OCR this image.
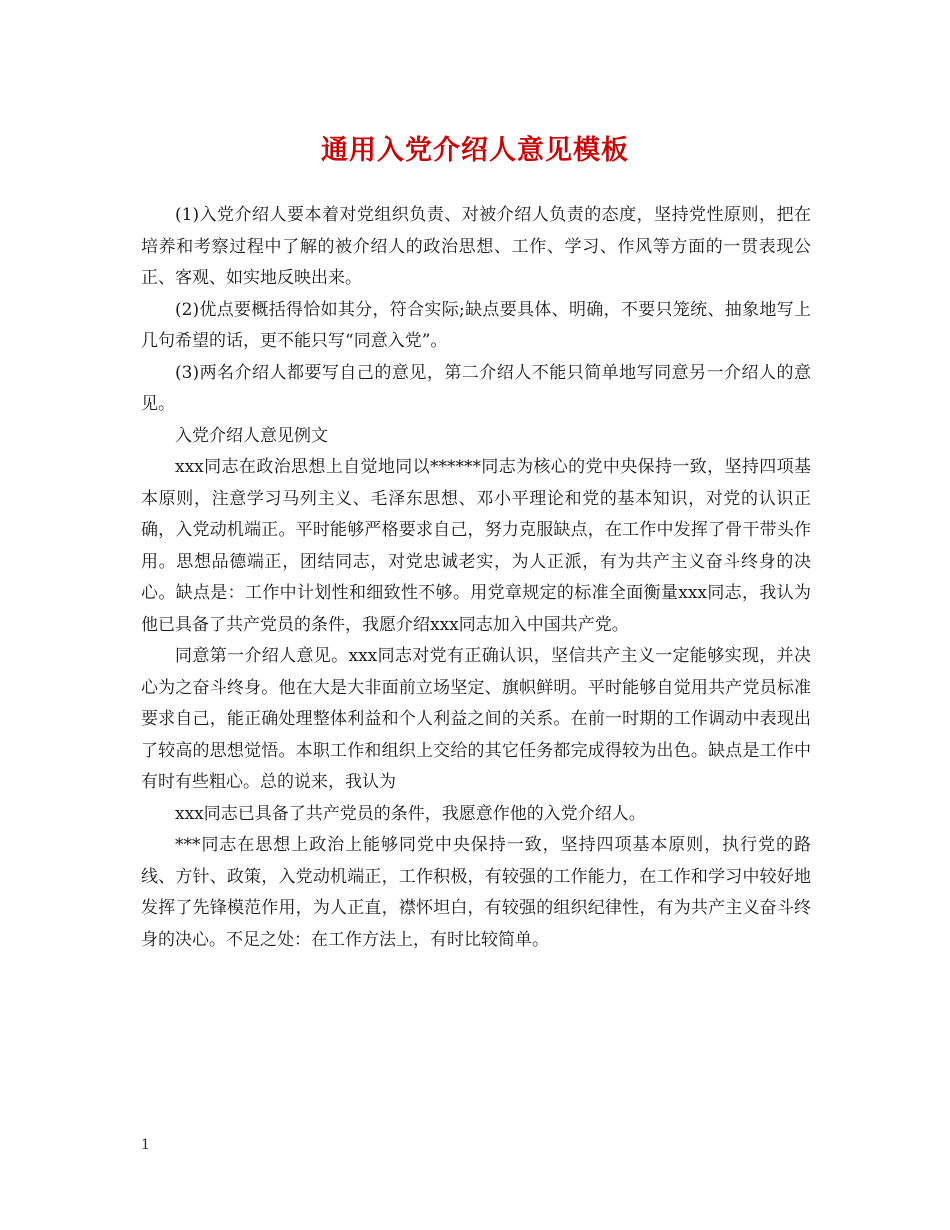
通用入党介绍人意见模板

(1)入党介绍人要本着对党组织负责、对被介绍人负责的态度，坚持党性原则，把在培养和考察过程中了解的被介绍人的政治思想、工作、学习、作风等方面的一贯表现公正、客观、如实地反映出来。

(2)优点要概括得恰如其分，符合实际;缺点要具体、明确，不要只笼统、抽象地写上几句希望的话，更不能只写“同意入党”。

(3)两名介绍人都要写自己的意见，第二介绍人不能只简单地写同意另一介绍人的意见。

入党介绍人意见例文

xxx同志在政治思想上自觉地同以******同志为核心的党中央保持一致，坚持四项基本原则，注意学习马列主义、毛泽东思想、邓小平理论和党的基本知识，对党的认识正确，入党动机端正。平时能够严格要求自己，努力克服缺点，在工作中发挥了骨干带头作用。思想品德端正，团结同志，对党忠诚老实，为人正派，有为共产主义奋斗终身的决心。缺点是：工作中计划性和细致性不够。用党章规定的标准全面衡量xxx同志，我认为他已具备了共产党员的条件，我愿介绍xxx同志加入中国共产党。

同意第一介绍人意见。xxx同志对党有正确认识，坚信共产主义一定能够实现，并决心为之奋斗终身。他在大是大非面前立场坚定、旗帜鲜明。平时能够自觉用共产党员标准要求自己，能正确处理整体利益和个人利益之间的关系。在前一时期的工作调动中表现出了较高的思想觉悟。本职工作和组织上交给的其它任务都完成得较为出色。缺点是工作中有时有些粗心。总的说来，我认为

xxx同志已具备了共产党员的条件，我愿意作他的入党介绍人。

***同志在思想上政治上能够同党中央保持一致，坚持四项基本原则，执行党的路线、方针、政策，入党动机端正，工作积极，有较强的工作能力，在工作和学习中较好地发挥了先锋模范作用，为人正直，襟怀坦白，有较强的组织纪律性，有为共产主义奋斗终身的决心。不足之处：在工作方法上，有时比较简单。

1
